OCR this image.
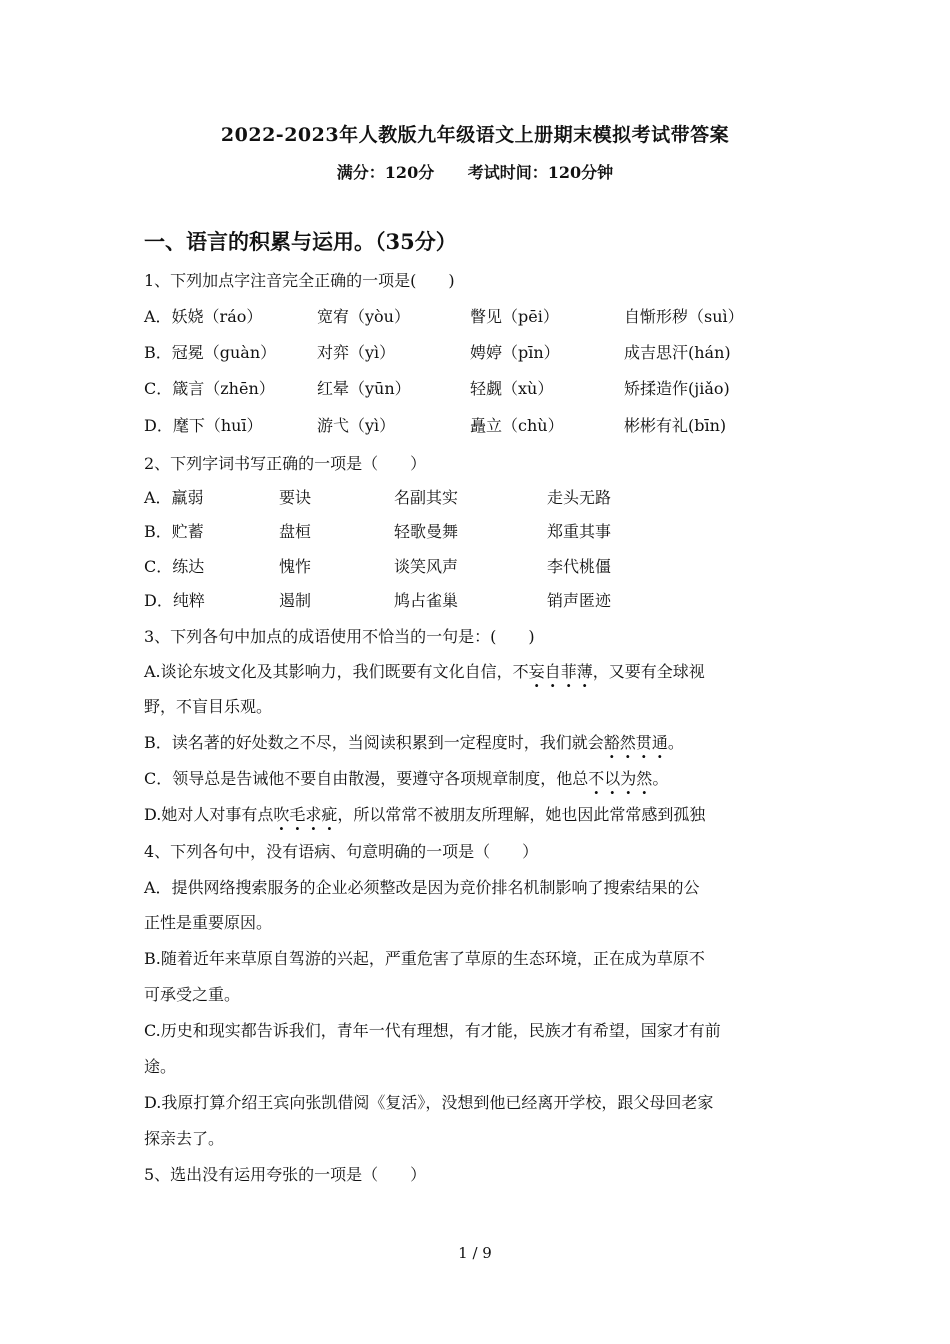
2022-2023年人教版九年级语文上册期末模拟考试带答案
满分：120分 考试时间：120分钟
一、语言的积累与运用。（35分）
1、下列加点字注音完全正确的一项是(　　)
A．妖娆（ráo）	宽宥（yòu）	瞥见（pēi）	自惭形秽（suì）
B．冠冕（guàn）	对弈（yì）	娉婷（pīn）	成吉思汗(hán)
C．箴言（zhēn）	红晕（yūn）	轻觑（xù）	矫揉造作(jiǎo)
D．麾下（huī）	游弋（yì）	矗立（chù）	彬彬有礼(bīn)
2、下列字词书写正确的一项是（　　）
A．羸弱	要诀	名副其实	走头无路
B．贮蓄	盘桓	轻歌曼舞	郑重其事
C．练达	愧怍	谈笑风声	李代桃僵
D．纯粹	遏制	鸠占雀巢	销声匿迹
3、下列各句中加点的成语使用不恰当的一句是：(　　)
A.谈论东坡文化及其影响力，我们既要有文化自信，不妄自菲薄，又要有全球视
野，不盲目乐观。
B．读名著的好处数之不尽，当阅读积累到一定程度时，我们就会豁然贯通。
C．领导总是告诫他不要自由散漫，要遵守各项规章制度，他总不以为然。
D.她对人对事有点吹毛求疵，所以常常不被朋友所理解，她也因此常常感到孤独
4、下列各句中，没有语病、句意明确的一项是（　　）
A．提供网络搜索服务的企业必须整改是因为竞价排名机制影响了搜索结果的公
正性是重要原因。
B.随着近年来草原自驾游的兴起，严重危害了草原的生态环境，正在成为草原不
可承受之重。
C.历史和现实都告诉我们，青年一代有理想，有才能，民族才有希望，国家才有前
途。
D.我原打算介绍王宾向张凯借阅《复活》，没想到他已经离开学校，跟父母回老家
探亲去了。
5、选出没有运用夸张的一项是（　　）
1 / 9
